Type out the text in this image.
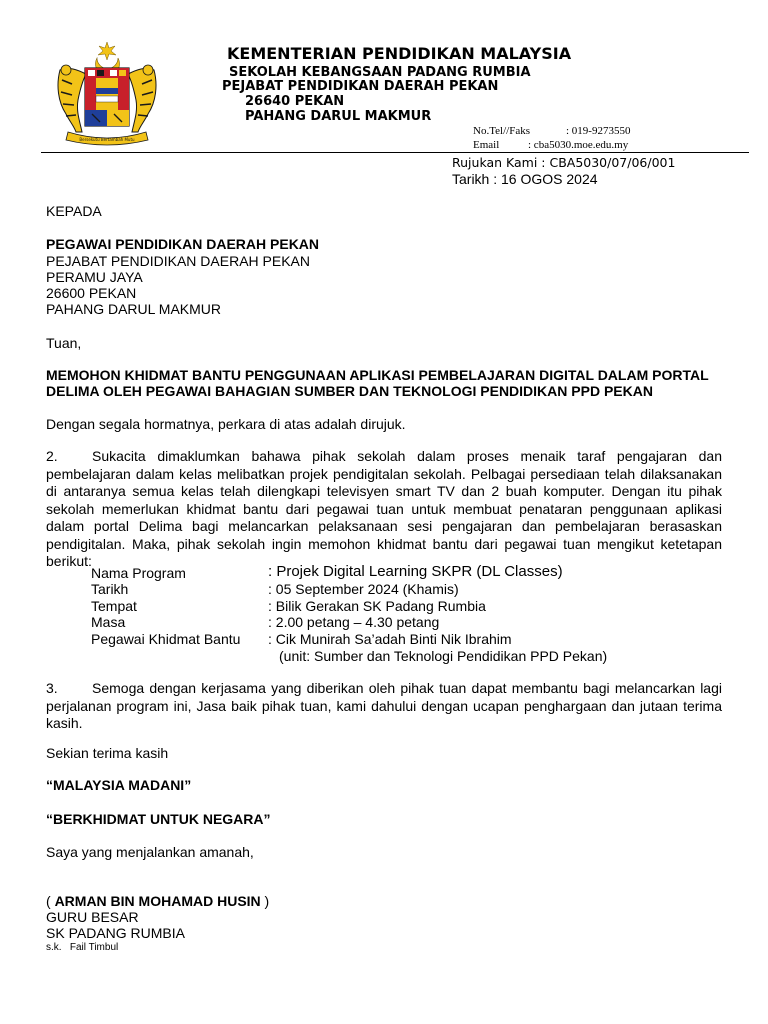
Bersekutu Bertambah Mutu
KEMENTERIAN PENDIDIKAN MALAYSIA
SEKOLAH KEBANGSAAN PADANG RUMBIA
PEJABAT PENDIDIKAN DAERAH PEKAN
26640 PEKAN
PAHANG DARUL MAKMUR
No.Tel//Faks	: 019-9273550
Email	: cba5030.moe.edu.my
Rujukan Kami : CBA5030/07/06/001
Tarikh : 16 OGOS 2024
KEPADA
PEGAWAI PENDIDIKAN DAERAH PEKAN
PEJABAT PENDIDIKAN DAERAH PEKAN
PERAMU JAYA
26600 PEKAN
PAHANG DARUL MAKMUR
Tuan,
MEMOHON KHIDMAT BANTU PENGGUNAAN APLIKASI PEMBELAJARAN DIGITAL DALAM PORTAL
DELIMA OLEH PEGAWAI BAHAGIAN SUMBER DAN TEKNOLOGI PENDIDIKAN PPD PEKAN
Dengan segala hormatnya, perkara di atas adalah dirujuk.
2. Sukacita dimaklumkan bahawa pihak sekolah dalam proses menaik taraf pengajaran dan pembelajaran dalam kelas melibatkan projek pendigitalan sekolah. Pelbagai persediaan telah dilaksanakan di antaranya semua kelas telah dilengkapi televisyen smart TV dan 2 buah komputer. Dengan itu pihak sekolah memerlukan khidmat bantu dari pegawai tuan untuk membuat penataran penggunaan aplikasi dalam portal Delima bagi melancarkan pelaksanaan sesi pengajaran dan pembelajaran berasaskan pendigitalan. Maka, pihak sekolah ingin memohon khidmat bantu dari pegawai tuan mengikut ketetapan berikut:
Nama Program	: Projek Digital Learning SKPR (DL Classes)
Tarikh	: 05 September 2024 (Khamis)
Tempat	: Bilik Gerakan SK Padang Rumbia
Masa	: 2.00 petang – 4.30 petang
Pegawai Khidmat Bantu : Cik Munirah Sa’adah Binti Nik Ibrahim
(unit: Sumber dan Teknologi Pendidikan PPD Pekan)
3. Semoga dengan kerjasama yang diberikan oleh pihak tuan dapat membantu bagi melancarkan lagi perjalanan program ini, Jasa baik pihak tuan, kami dahului dengan ucapan penghargaan dan jutaan terima kasih.
Sekian terima kasih
“MALAYSIA MADANI”
“BERKHIDMAT UNTUK NEGARA”
Saya yang menjalankan amanah,
( ARMAN BIN MOHAMAD HUSIN )
GURU BESAR
SK PADANG RUMBIA
s.k.   Fail Timbul
